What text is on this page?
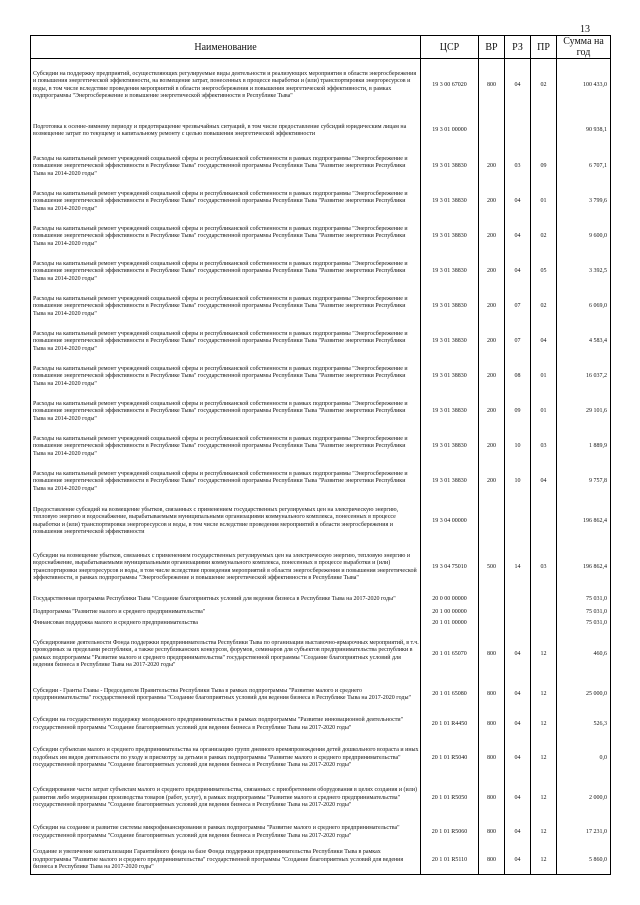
13
Наименование	ЦСР	ВР	РЗ	ПР	Сумма на год
Субсидии на поддержку предприятий, осуществляющих регулируемые виды деятельности и реализующих мероприятия в области энергосбережения и повышения энергетической эффективности, на возмещение затрат, понесенных в процессе выработки и (или) транспортировки энергоресурсов и воды, в том числе вследствие проведения мероприятий в области энергосбережения и повышения энергетической эффективности, в рамках подпрограммы "Энергосбережение и повышение энергетической эффективности в Республике Тыва"	19 3 00 67020	800	04	02	100 433,0
Подготовка к осенне-зимнему периоду и предотвращение чрезвычайных ситуаций, в том числе предоставление субсидий юридическим лицам на возмещение затрат по текущему и капитальному ремонту с целью повышения энергетической эффективности	19 3 01 00000				90 938,1
Расходы на капитальный ремонт учреждений социальной сферы и республиканской собственности в рамках подпрограммы "Энергосбережение и повышение энергетической эффективности в Республике Тыва" государственной программы Республики Тыва "Развитие энергетики Республики Тыва на 2014-2020 годы"	19 3 01 38830	200	03	09	6 707,1
Расходы на капитальный ремонт учреждений социальной сферы и республиканской собственности в рамках подпрограммы "Энергосбережение и повышение энергетической эффективности в Республике Тыва" государственной программы Республики Тыва "Развитие энергетики Республики Тыва на 2014-2020 годы"	19 3 01 38830	200	04	01	3 799,6
Расходы на капитальный ремонт учреждений социальной сферы и республиканской собственности в рамках подпрограммы "Энергосбережение и повышение энергетической эффективности в Республике Тыва" государственной программы Республики Тыва "Развитие энергетики Республики Тыва на 2014-2020 годы"	19 3 01 38830	200	04	02	9 600,0
Расходы на капитальный ремонт учреждений социальной сферы и республиканской собственности в рамках подпрограммы "Энергосбережение и повышение энергетической эффективности в Республике Тыва" государственной программы Республики Тыва "Развитие энергетики Республики Тыва на 2014-2020 годы"	19 3 01 38830	200	04	05	3 392,5
Расходы на капитальный ремонт учреждений социальной сферы и республиканской собственности в рамках подпрограммы "Энергосбережение и повышение энергетической эффективности в Республике Тыва" государственной программы Республики Тыва "Развитие энергетики Республики Тыва на 2014-2020 годы"	19 3 01 38830	200	07	02	6 069,0
Расходы на капитальный ремонт учреждений социальной сферы и республиканской собственности в рамках подпрограммы "Энергосбережение и повышение энергетической эффективности в Республике Тыва" государственной программы Республики Тыва "Развитие энергетики Республики Тыва на 2014-2020 годы"	19 3 01 38830	200	07	04	4 583,4
Расходы на капитальный ремонт учреждений социальной сферы и республиканской собственности в рамках подпрограммы "Энергосбережение и повышение энергетической эффективности в Республике Тыва" государственной программы Республики Тыва "Развитие энергетики Республики Тыва на 2014-2020 годы"	19 3 01 38830	200	08	01	16 037,2
Расходы на капитальный ремонт учреждений социальной сферы и республиканской собственности в рамках подпрограммы "Энергосбережение и повышение энергетической эффективности в Республике Тыва" государственной программы Республики Тыва "Развитие энергетики Республики Тыва на 2014-2020 годы"	19 3 01 38830	200	09	01	29 101,6
Расходы на капитальный ремонт учреждений социальной сферы и республиканской собственности в рамках подпрограммы "Энергосбережение и повышение энергетической эффективности в Республике Тыва" государственной программы Республики Тыва "Развитие энергетики Республики Тыва на 2014-2020 годы"	19 3 01 38830	200	10	03	1 889,9
Расходы на капитальный ремонт учреждений социальной сферы и республиканской собственности в рамках подпрограммы "Энергосбережение и повышение энергетической эффективности в Республике Тыва" государственной программы Республики Тыва "Развитие энергетики Республики Тыва на 2014-2020 годы"	19 3 01 38830	200	10	04	9 757,8
Предоставление субсидий на возмещение убытков, связанных с применением государственных регулируемых цен на электрическую энергию, тепловую энергию и водоснабжение, вырабатываемыми муниципальными организациями коммунального комплекса, понесенных в процессе выработки и (или) транспортировки энергоресурсов и воды, в том числе вследствие проведения мероприятий в области энергосбережения и повышения энергетической эффективности	19 3 04 00000				196 862,4
Субсидии на возмещение убытков, связанных с применением государственных регулируемых цен на электрическую энергию, тепловую энергию и водоснабжение, вырабатываемыми муниципальными организациями коммунального комплекса, понесенных в процессе выработки и (или) транспортировки энергоресурсов и воды, в том числе вследствие проведения мероприятий в области энергосбережения и повышения энергетической эффективности, в рамках подпрограммы "Энергосбережение и повышение энергетической эффективности в Республике Тыва"	19 3 04 75010	500	14	03	196 862,4
Государственная программа Республики Тыва "Создание благоприятных условий для ведения бизнеса в Республике Тыва на 2017-2020 годы"	20 0 00 00000				75 031,0
Подпрограмма "Развитие малого и среднего предпринимательства"	20 1 00 00000				75 031,0
Финансовая поддержка малого и среднего предпринимательства	20 1 01 00000				75 031,0
Субсидирование деятельности Фонда поддержки предпринимательства Республики Тыва по организации выставочно-ярмарочных мероприятий, в т.ч. проводимых за пределами республики, а также республиканских конкурсов, форумов, семинаров для субъектов предпринимательства республики в рамках подпрограммы "Развитие малого и среднего предпринимательства" государственной программы "Создание благоприятных условий для ведения бизнеса в Республике Тыва на 2017-2020 годы"	20 1 01 65070	800	04	12	460,6
Субсидии - Гранты Главы - Председателя Правительства Республики Тыва в рамках подпрограммы "Развитие малого и среднего предпринимательства" государственной программы "Создание благоприятных условий для ведения бизнеса в Республике Тыва на 2017-2020 годы"	20 1 01 65080	800	04	12	25 000,0
Субсидии на государственную поддержку молодежного предпринимательства в рамках подпрограммы "Развитие инновационной деятельности" государственной программы "Создание благоприятных условий для ведения бизнеса в Республике Тыва на 2017-2020 годы"	20 1 01 R4450	800	04	12	526,3
Субсидии субъектам малого и среднего предпринимательства на организацию групп дневного времяпровождения детей дошкольного возраста и иных подобных им видов деятельности по уходу и присмотру за детьми в рамках подпрограммы "Развитие малого и среднего предпринимательства" государственной программы "Создание благоприятных условий для ведения бизнеса в Республике Тыва на 2017-2020 годы"	20 1 01 R5040	800	04	12	0,0
Субсидирование части затрат субъектам малого и среднего предпринимательства, связанных с приобретением оборудования в целях создания и (или) развития либо модернизации производства товаров (работ, услуг), в рамках подпрограммы "Развитие малого и среднего предпринимательства" государственной программы "Создание благоприятных условий для ведения бизнеса в Республике Тыва на 2017-2020 годы"	20 1 01 R5050	800	04	12	2 000,0
Субсидии на создание и развитие системы микрофинансирования в рамках подпрограммы "Развитие малого и среднего предпринимательства" государственной программы "Создание благоприятных условий для ведения бизнеса в Республике Тыва на 2017-2020 годы"	20 1 01 R5060	800	04	12	17 231,0
Создание и увеличение капитализации Гарантийного фонда на базе Фонда поддержки предпринимательства Республики Тыва в рамках подпрограммы "Развитие малого и среднего предпринимательства" государственной программы "Создание благоприятных условий для ведения бизнеса в Республике Тыва на 2017-2020 годы"	20 1 01 R5110	800	04	12	5 860,0
